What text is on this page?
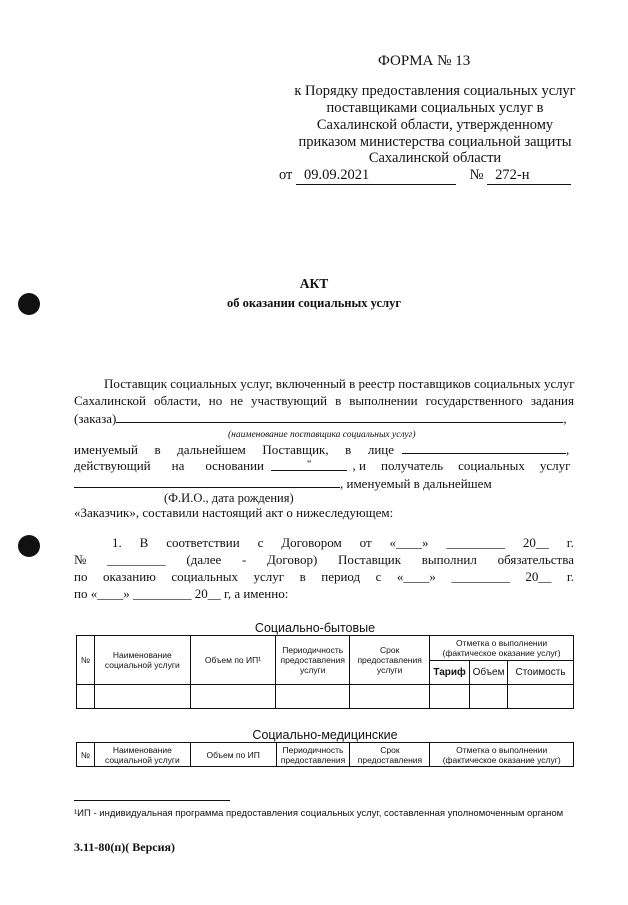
ФОРМА № 13
к Порядку предоставления социальных услуг
поставщиками социальных услуг в
Сахалинской области, утвержденному
приказом министерства социальной защиты
Сахалинской области
от 09.09.2021	№ 272-н
АКТ
об оказании социальных услуг
Поставщик социальных услуг, включенный в реестр поставщиков социальных услуг
Сахалинской области, но не участвующий в выполнении государственного задания
(заказа)	,
(наименование поставщика социальных услуг)
именуемый в дальнейшем Поставщик, в лице	,
действующий на основании	“	, и получатель социальных услуг
, именуемый в дальнейшем
(Ф.И.О., дата рождения)
«Заказчик», составили настоящий акт о нижеследующем:
1. В соответствии с Договором от «____» _________ 20__ г.
№ _________ (далее - Договор) Поставщик выполнил обязательства
по оказанию социальных услуг в период с «____» _________ 20__ г.
по «____» _________ 20__ г, а именно:
Социально-бытовые
№	Наименование социальной услуги	Объем по ИП¹	Периодичность предоставления услуги	Срок предоставления услуги	Отметка о выполнении (фактическое оказание услуг)		
					Тариф	Объем	Стоимость

Социально-медицинские
№	Наименование социальной услуги	Объем по ИП	Периодичность предоставления	Срок предоставления	Отметка о выполнении (фактическое оказание услуг)
¹ИП - индивидуальная программа предоставления социальных услуг, составленная уполномоченным органом
3.11-80(п)( Версия)
